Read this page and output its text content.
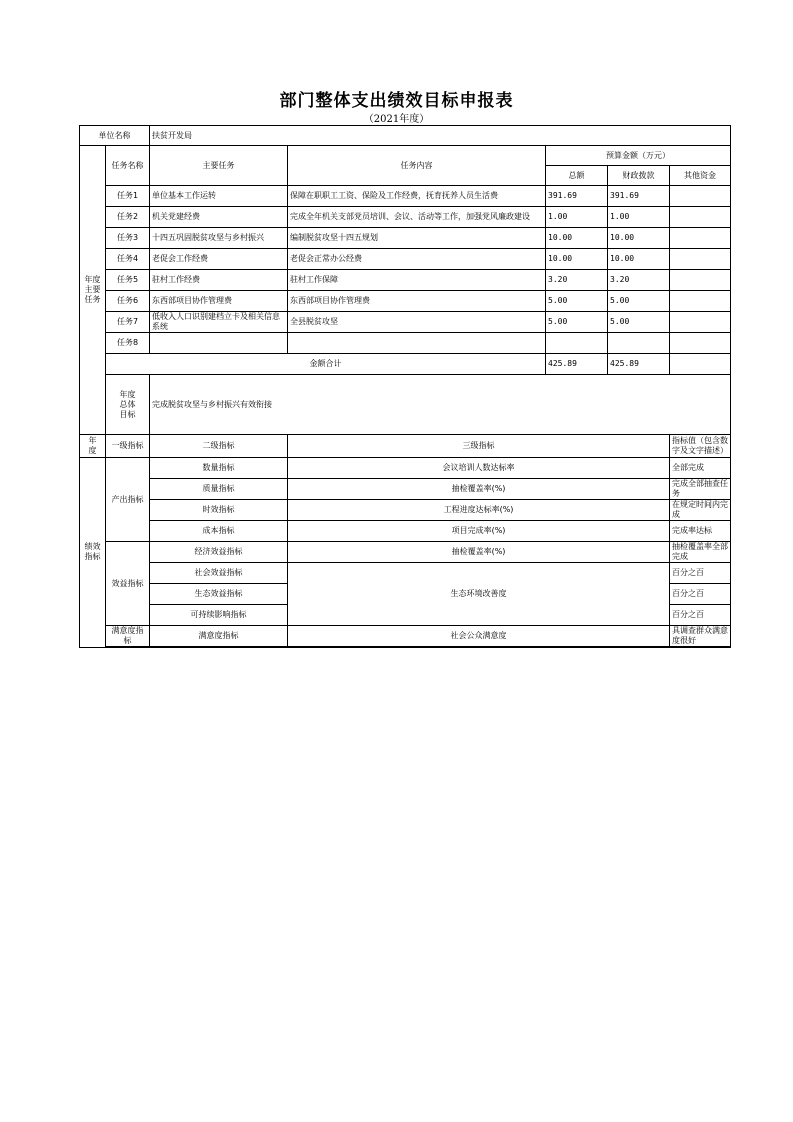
部门整体支出绩效目标申报表
（2021年度）
单位名称		扶贫开发局				
年度
主要
任务	任务名称	主要任务	任务内容	预算金额（万元）		
				总额	财政拨款	其他资金
	任务1	单位基本工作运转	保障在职职工工资、保险及工作经费，抚育抚养人员生活费	391.69	391.69	
	任务2	机关党建经费	完成全年机关支部党员培训、会议、活动等工作，加强党风廉政建设	1.00	1.00	
	任务3	十四五巩固脱贫攻坚与乡村振兴	编制脱贫攻坚十四五规划	10.00	10.00	
	任务4	老促会工作经费	老促会正常办公经费	10.00	10.00	
	任务5	驻村工作经费	驻村工作保障	3.20	3.20	
	任务6	东西部项目协作管理费	东西部项目协作管理费	5.00	5.00	
	任务7	低收入人口识别建档立卡及相关信息系统	全县脱贫攻坚	5.00	5.00	
	任务8					
	金额合计			425.89	425.89	
	年度
总体
目标	完成脱贫攻坚与乡村振兴有效衔接				
年
度	一级指标	二级指标	三级指标			指标值（包含数字及文字描述）
绩效
指标	产出指标	数量指标	会议培训人数达标率			全部完成
		质量指标	抽检覆盖率(%)			完成全部抽查任务
		时效指标	工程进度达标率(%)			在规定时间内完成
		成本指标	项目完成率(%)			完成率达标
	效益指标	经济效益指标	抽检覆盖率(%)			抽检覆盖率全部完成
		社会效益指标	生态环境改善度			百分之百
		生态效益指标				百分之百
		可持续影响指标				百分之百
	满意度指标	满意度指标	社会公众满意度			具调查群众满意度很好
